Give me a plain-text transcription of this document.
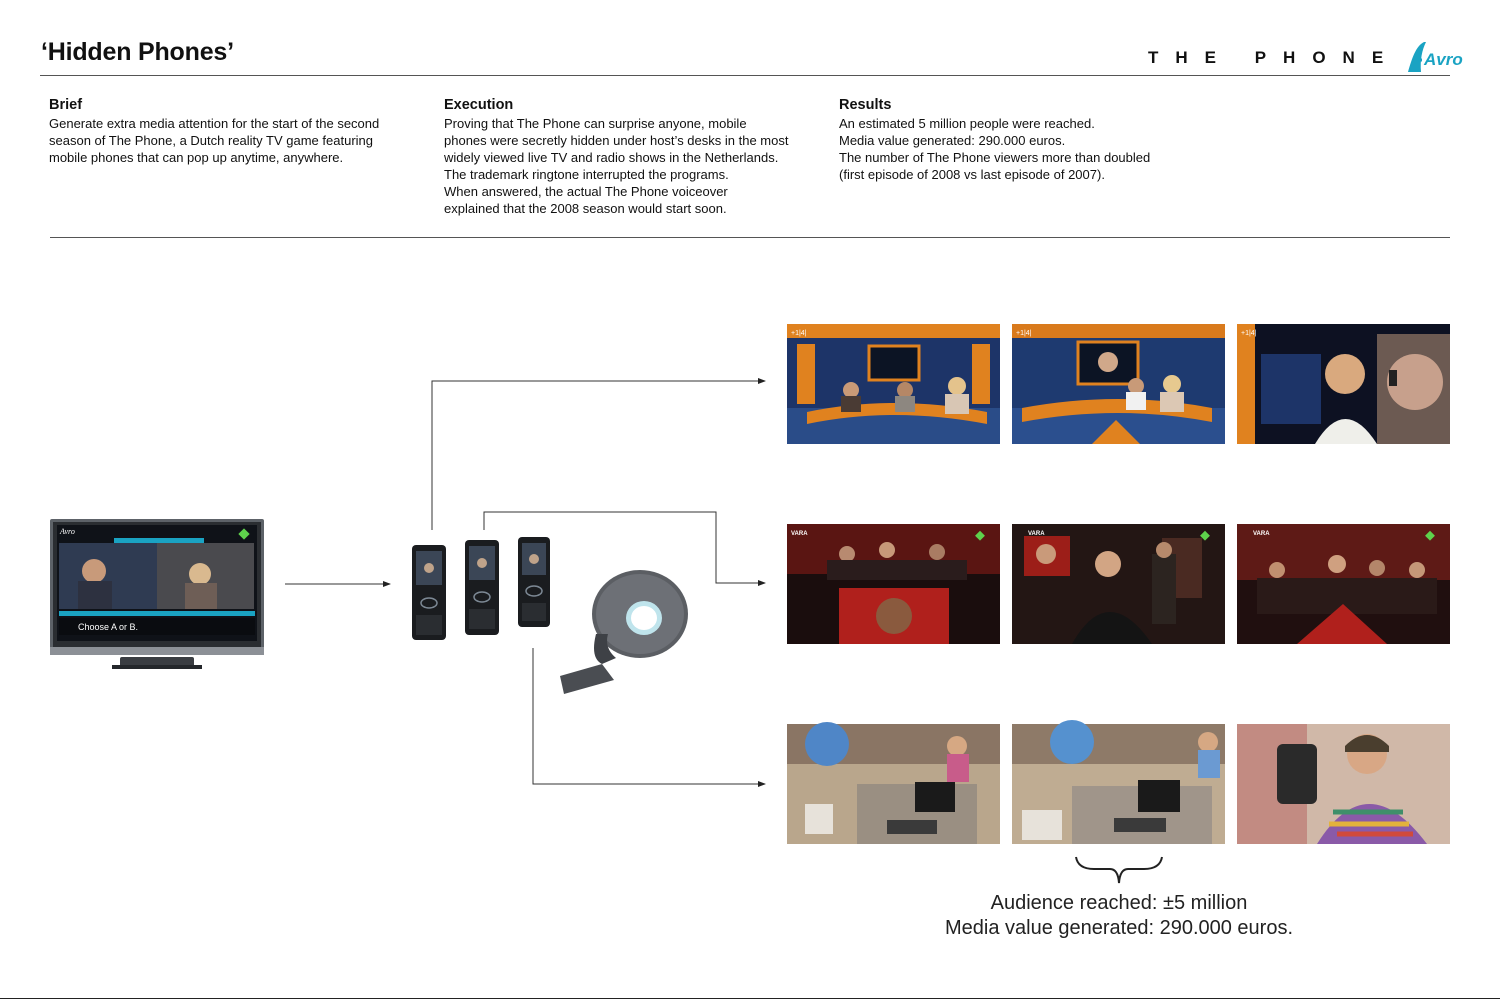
‘Hidden Phones’	THE PHONE Avro
Brief

Generate extra media attention for the start of the second

season of The Phone, a Dutch reality TV game featuring

mobile phones that can pop up anytime, anywhere.

Execution

Proving that The Phone can surprise anyone, mobile

phones were secretly hidden under host’s desks in the most

widely viewed live TV and radio shows in the Netherlands.

The trademark ringtone interrupted the programs.

When answered, the actual The Phone voiceover

explained that the 2008 season would start soon.

Results

An estimated 5 million people were reached.

Media value generated: 290.000 euros.

The number of The Phone viewers more than doubled

(first episode of 2008 vs last episode of 2007).

Avro
Choose A or B.
+1|4|	+1|4|	+1|4|
VARA	VARA	VARA
Audience reached: ±5 million
Media value generated: 290.000 euros.
